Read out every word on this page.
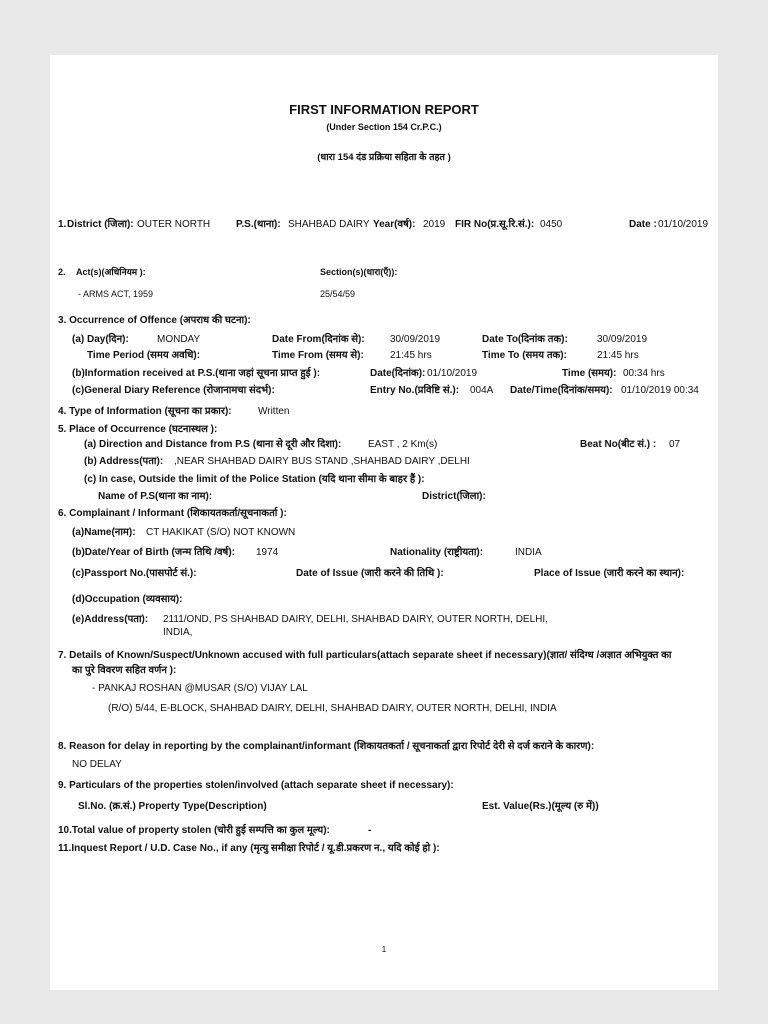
FIRST INFORMATION REPORT
(Under Section 154 Cr.P.C.)
(धारा 154 दंड प्रक्रिया सहिता के तहत )
1. District (जिला): OUTER NORTH	P.S.(थाना): SHAHBAD DAIRY Year(वर्ष): 2019 FIR No(प्र.सू.रि.सं.): 0450	Date : 01/10/2019
2. Act(s)(अधिनियम ):	Section(s)(धारा(एँ)):
- ARMS ACT, 1959	25/54/59
3. Occurrence of Offence (अपराध की घटना):
(a) Day(दिन):	MONDAY	Date From(दिनांक से):	30/09/2019	Date To(दिनांक तक):	30/09/2019
Time Period (समय अवधि):	Time From (समय से):	21:45 hrs	Time To (समय तक):	21:45 hrs
(b)Information received at P.S.(थाना जहां सूचना प्राप्त हुई ):	Date(दिनांक): 01/10/2019	Time (समय): 00:34 hrs
(c)General Diary Reference (रोजानामचा संदर्भ):	Entry No.(प्रविष्टि सं.): 004A Date/Time(दिनांक/समय): 01/10/2019 00:34
4. Type of Information (सूचना का प्रकार):	Written
5. Place of Occurrence (घटनास्थल ):
(a) Direction and Distance from P.S (थाना से दूरी और दिशा):	EAST , 2 Km(s)	Beat No(बीट सं.) : 07
(b) Address(पता): ,NEAR SHAHBAD DAIRY BUS STAND ,SHAHBAD DAIRY ,DELHI
(c) In case, Outside the limit of the Police Station (यदि थाना सीमा के बाहर हैं ):
Name of P.S(थाना का नाम):	District(जिला):
6. Complainant / Informant (शिकायतकर्ता/सूचनाकर्ता ):
(a)Name(नाम): CT HAKIKAT (S/O) NOT KNOWN
(b)Date/Year of Birth (जन्म तिथि /वर्ष): 1974	Nationality (राष्ट्रीयता):	INDIA
(c)Passport No.(पासपोर्ट सं.):	Date of Issue (जारी करने की तिथि ):	Place of Issue (जारी करने का स्थान):
(d)Occupation (व्यवसाय):
(e)Address(पता): 2111/OND, PS SHAHBAD DAIRY, DELHI, SHAHBAD DAIRY, OUTER NORTH, DELHI,
INDIA,
7. Details of Known/Suspect/Unknown accused with full particulars(attach separate sheet if necessary)(ज्ञात/ संदिग्ध /अज्ञात अभियुक्त का
का पुरे विवरण सहित वर्णन ):
- PANKAJ ROSHAN @MUSAR (S/O) VIJAY LAL
(R/O) 5/44, E-BLOCK, SHAHBAD DAIRY, DELHI, SHAHBAD DAIRY, OUTER NORTH, DELHI, INDIA
8. Reason for delay in reporting by the complainant/informant (शिकायतकर्ता / सूचनाकर्ता द्वारा रिपोर्ट देरी से दर्ज कराने के कारण):
NO DELAY
9. Particulars of the properties stolen/involved (attach separate sheet if necessary):
Sl.No. (क्र.सं.) Property Type(Description)	Est. Value(Rs.)(मूल्य (रु में))
10.Total value of property stolen (चोरी हुई सम्पत्ति का कुल मूल्य):	-
11.Inquest Report / U.D. Case No., if any (मृत्यु समीक्षा रिपोर्ट / यू.डी.प्रकरण न., यदि कोई हो ):
1
